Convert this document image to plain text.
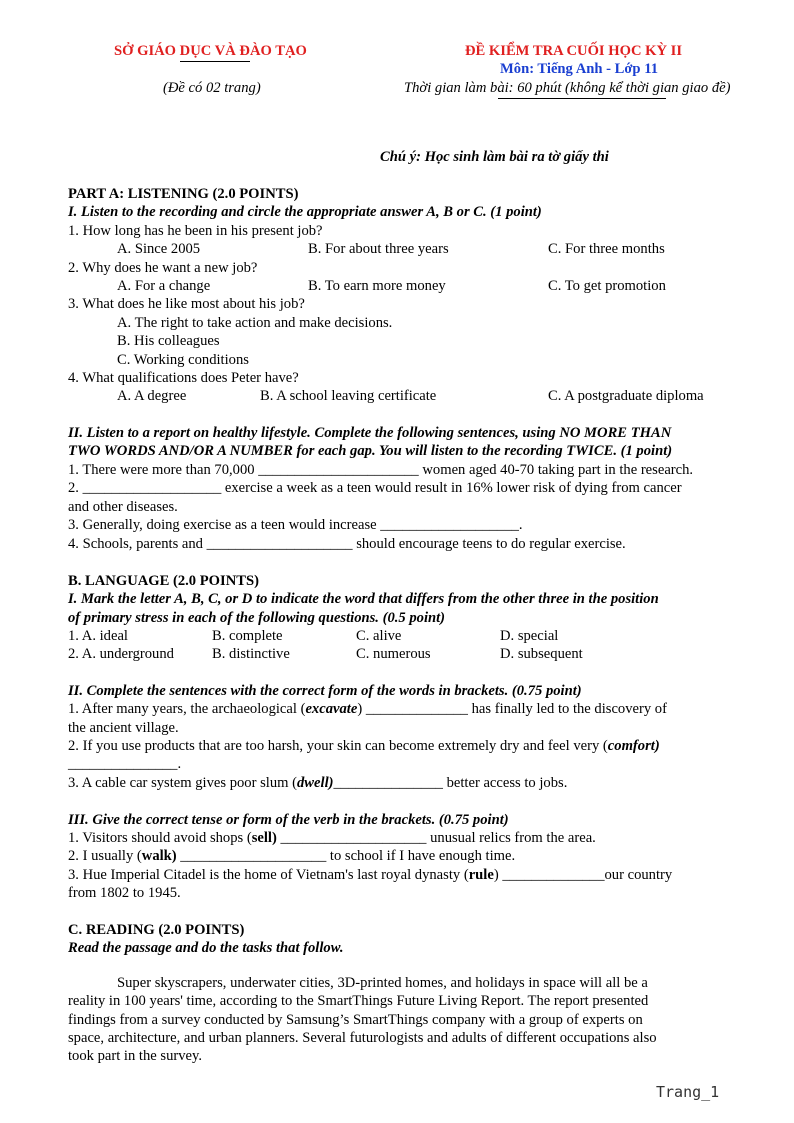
SỞ GIÁO DỤC VÀ ĐÀO TẠO
(Đề có 02 trang)
ĐỀ KIỂM TRA CUỐI HỌC KỲ II
Môn: Tiếng Anh - Lớp 11
Thời gian làm bài: 60 phút (không kể thời gian giao đề)
Chú ý: Học sinh làm bài ra tờ giấy thi
PART A: LISTENING (2.0 POINTS)
I. Listen to the recording and circle the appropriate answer A, B or C. (1 point)
1. How long has he been in his present job?
A. Since 2005	B. For about three years	C. For three months
2. Why does he want a new job?
A. For a change	B. To earn more money	C. To get promotion
3. What does he like most about his job?
A. The right to take action and make decisions.
B. His colleagues
C. Working conditions
4. What qualifications does Peter have?
A. A degree	B. A school leaving certificate	C. A postgraduate diploma
II. Listen to a report on healthy lifestyle. Complete the following sentences, using NO MORE THAN
TWO WORDS AND/OR A NUMBER for each gap. You will listen to the recording TWICE. (1 point)
1. There were more than 70,000 ______________________ women aged 40-70 taking part in the research.
2. ___________________ exercise a week as a teen would result in 16% lower risk of dying from cancer
and other diseases.
3. Generally, doing exercise as a teen would increase ___________________.
4. Schools, parents and ____________________ should encourage teens to do regular exercise.
B. LANGUAGE (2.0 POINTS)
I. Mark the letter A, B, C, or D to indicate the word that differs from the other three in the position
of primary stress in each of the following questions. (0.5 point)
1. A. ideal	B. complete	C. alive	D. special
2. A. underground	B. distinctive	C. numerous	D. subsequent
II. Complete the sentences with the correct form of the words in brackets. (0.75 point)
1. After many years, the archaeological (excavate) ______________ has finally led to the discovery of
the ancient village.
2. If you use products that are too harsh, your skin can become extremely dry and feel very (comfort)
_______________.
3. A cable car system gives poor slum (dwell)_______________ better access to jobs.
III. Give the correct tense or form of the verb in the brackets. (0.75 point)
1. Visitors should avoid shops (sell) ____________________ unusual relics from the area.
2. I usually (walk) ____________________ to school if I have enough time.
3. Hue Imperial Citadel is the home of Vietnam's last royal dynasty (rule) ______________our country
from 1802 to 1945.
C. READING (2.0 POINTS)
Read the passage and do the tasks that follow.
Super skyscrapers, underwater cities, 3D-printed homes, and holidays in space will all be a
reality in 100 years' time, according to the SmartThings Future Living Report. The report presented
findings from a survey conducted by Samsung’s SmartThings company with a group of experts on
space, architecture, and urban planners. Several futurologists and adults of different occupations also
took part in the survey.
Trang_1
